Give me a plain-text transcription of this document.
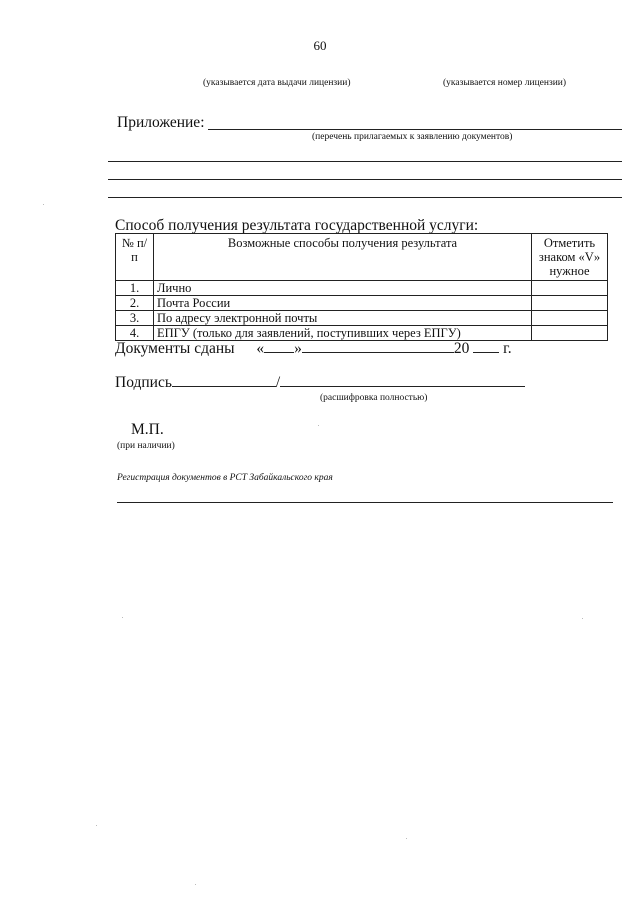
60
(указывается дата выдачи лицензии)	(указывается номер лицензии)
Приложение:
(перечень прилагаемых к заявлению документов)
Способ получения результата государственной услуги:
№ п/п	Возможные способы получения результата	Отметить знаком «V» нужное
1.	Лично	
2.	Почта России	
3.	По адресу электронной почты	
4.	ЕПГУ (только для заявлений, поступивших через ЕПГУ)	
Документы сданы « »	20 г.
Подпись	/
(расшифровка полностью)
М.П.
(при наличии)
Регистрация документов в РСТ Забайкальского края
